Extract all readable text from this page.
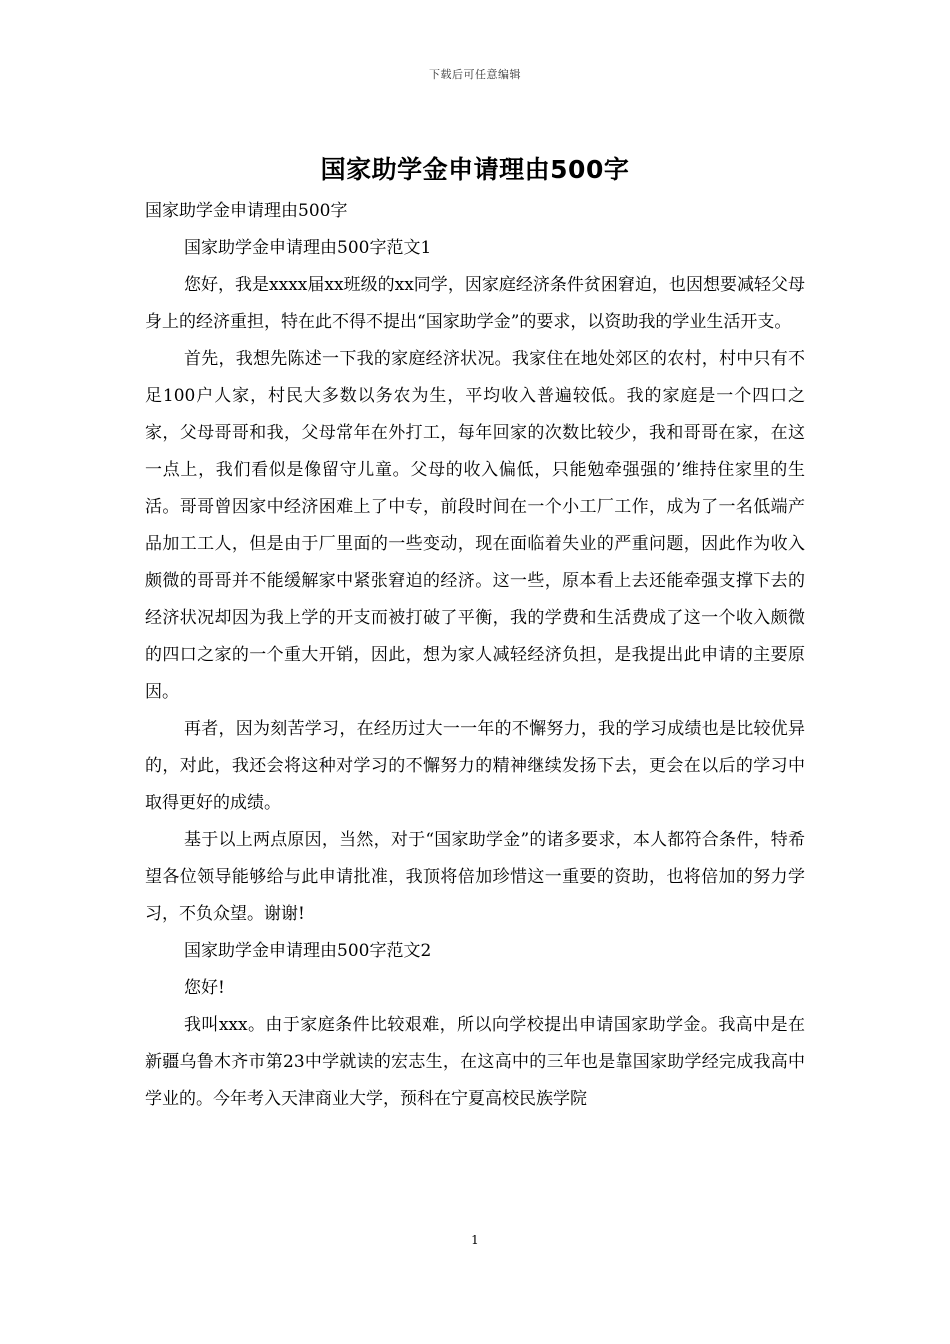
下载后可任意编辑
国家助学金申请理由500字

国家助学金申请理由500字

国家助学金申请理由500字范文1

您好，我是xxxx届xx班级的xx同学，因家庭经济条件贫困窘迫，也因想要减轻父母身上的经济重担，特在此不得不提出“国家助学金”的要求，以资助我的学业生活开支。

首先，我想先陈述一下我的家庭经济状况。我家住在地处郊区的农村，村中只有不足100户人家，村民大多数以务农为生，平均收入普遍较低。我的家庭是一个四口之家，父母哥哥和我，父母常年在外打工，每年回家的次数比较少，我和哥哥在家，在这一点上，我们看似是像留守儿童。父母的收入偏低，只能勉牵强强的’维持住家里的生活。哥哥曾因家中经济困难上了中专，前段时间在一个小工厂工作，成为了一名低端产品加工工人，但是由于厂里面的一些变动，现在面临着失业的严重问题，因此作为收入颇微的哥哥并不能缓解家中紧张窘迫的经济。这一些，原本看上去还能牵强支撑下去的经济状况却因为我上学的开支而被打破了平衡，我的学费和生活费成了这一个收入颇微的四口之家的一个重大开销，因此，想为家人减轻经济负担，是我提出此申请的主要原因。

再者，因为刻苦学习，在经历过大一一年的不懈努力，我的学习成绩也是比较优异的，对此，我还会将这种对学习的不懈努力的精神继续发扬下去，更会在以后的学习中取得更好的成绩。

基于以上两点原因，当然，对于“国家助学金”的诸多要求，本人都符合条件，特希望各位领导能够给与此申请批准，我顶将倍加珍惜这一重要的资助，也将倍加的努力学习，不负众望。谢谢!

国家助学金申请理由500字范文2

您好!

我叫xxx。由于家庭条件比较艰难，所以向学校提出申请国家助学金。我高中是在新疆乌鲁木齐市第23中学就读的宏志生，在这高中的三年也是靠国家助学经完成我高中学业的。今年考入天津商业大学，预科在宁夏高校民族学院

1
